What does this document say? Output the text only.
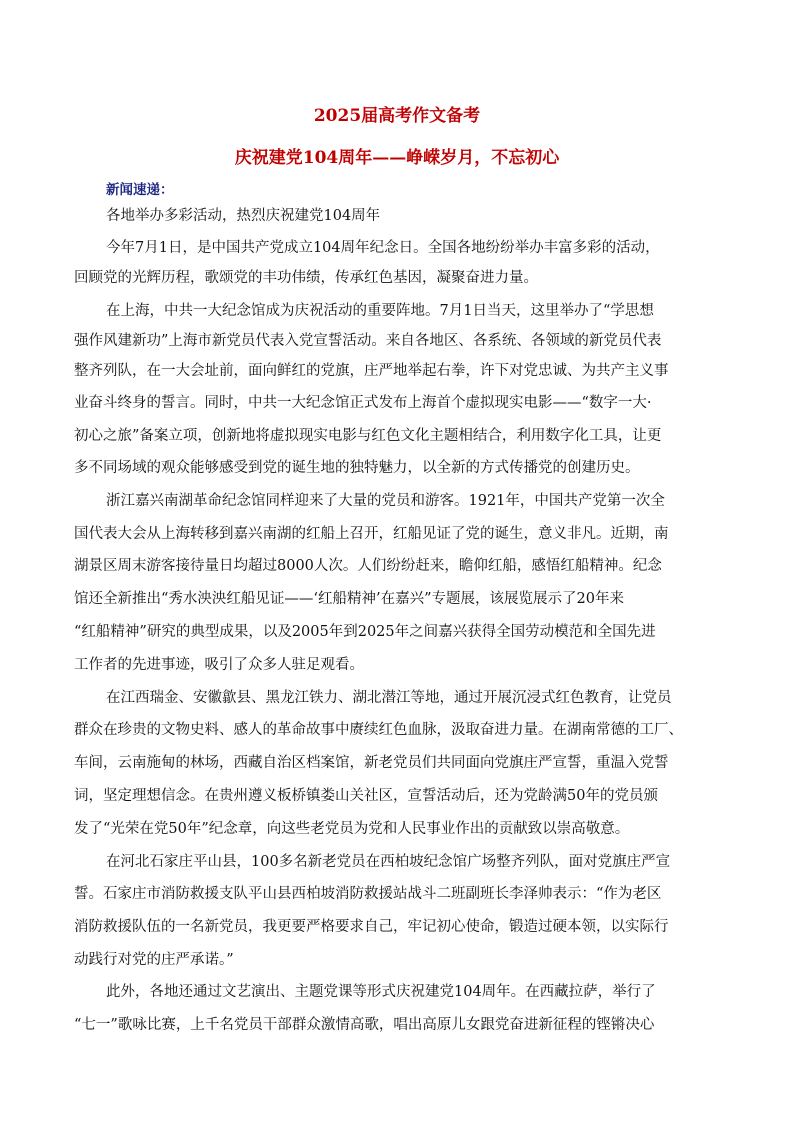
2025届高考作文备考
庆祝建党104周年——峥嵘岁月，不忘初心
新闻速递：
各地举办多彩活动，热烈庆祝建党104周年
今年7月1日，是中国共产党成立104周年纪念日。全国各地纷纷举办丰富多彩的活动，
回顾党的光辉历程，歌颂党的丰功伟绩，传承红色基因，凝聚奋进力量。
在上海，中共一大纪念馆成为庆祝活动的重要阵地。7月1日当天，这里举办了“学思想
强作风建新功”上海市新党员代表入党宣誓活动。来自各地区、各系统、各领域的新党员代表
整齐列队，在一大会址前，面向鲜红的党旗，庄严地举起右拳，许下对党忠诚、为共产主义事
业奋斗终身的誓言。同时，中共一大纪念馆正式发布上海首个虚拟现实电影——“数字一大·
初心之旅”备案立项，创新地将虚拟现实电影与红色文化主题相结合，利用数字化工具，让更
多不同场域的观众能够感受到党的诞生地的独特魅力，以全新的方式传播党的创建历史。
浙江嘉兴南湖革命纪念馆同样迎来了大量的党员和游客。1921年，中国共产党第一次全
国代表大会从上海转移到嘉兴南湖的红船上召开，红船见证了党的诞生，意义非凡。近期，南
湖景区周末游客接待量日均超过8000人次。人们纷纷赶来，瞻仰红船，感悟红船精神。纪念
馆还全新推出“秀水泱泱红船见证——‘红船精神’在嘉兴”专题展，该展览展示了20年来
“红船精神”研究的典型成果，以及2005年到2025年之间嘉兴获得全国劳动模范和全国先进
工作者的先进事迹，吸引了众多人驻足观看。
在江西瑞金、安徽歙县、黑龙江铁力、湖北潜江等地，通过开展沉浸式红色教育，让党员
群众在珍贵的文物史料、感人的革命故事中赓续红色血脉，汲取奋进力量。在湖南常德的工厂、
车间，云南施甸的林场，西藏自治区档案馆，新老党员们共同面向党旗庄严宣誓，重温入党誓
词，坚定理想信念。在贵州遵义板桥镇娄山关社区，宣誓活动后，还为党龄满50年的党员颁
发了“光荣在党50年”纪念章，向这些老党员为党和人民事业作出的贡献致以崇高敬意。
在河北石家庄平山县，100多名新老党员在西柏坡纪念馆广场整齐列队，面对党旗庄严宣
誓。石家庄市消防救援支队平山县西柏坡消防救援站战斗二班副班长李泽帅表示：“作为老区
消防救援队伍的一名新党员，我更要严格要求自己，牢记初心使命，锻造过硬本领，以实际行
动践行对党的庄严承诺。”
此外，各地还通过文艺演出、主题党课等形式庆祝建党104周年。在西藏拉萨，举行了
“七一”歌咏比赛，上千名党员干部群众激情高歌，唱出高原儿女跟党奋进新征程的铿锵决心
